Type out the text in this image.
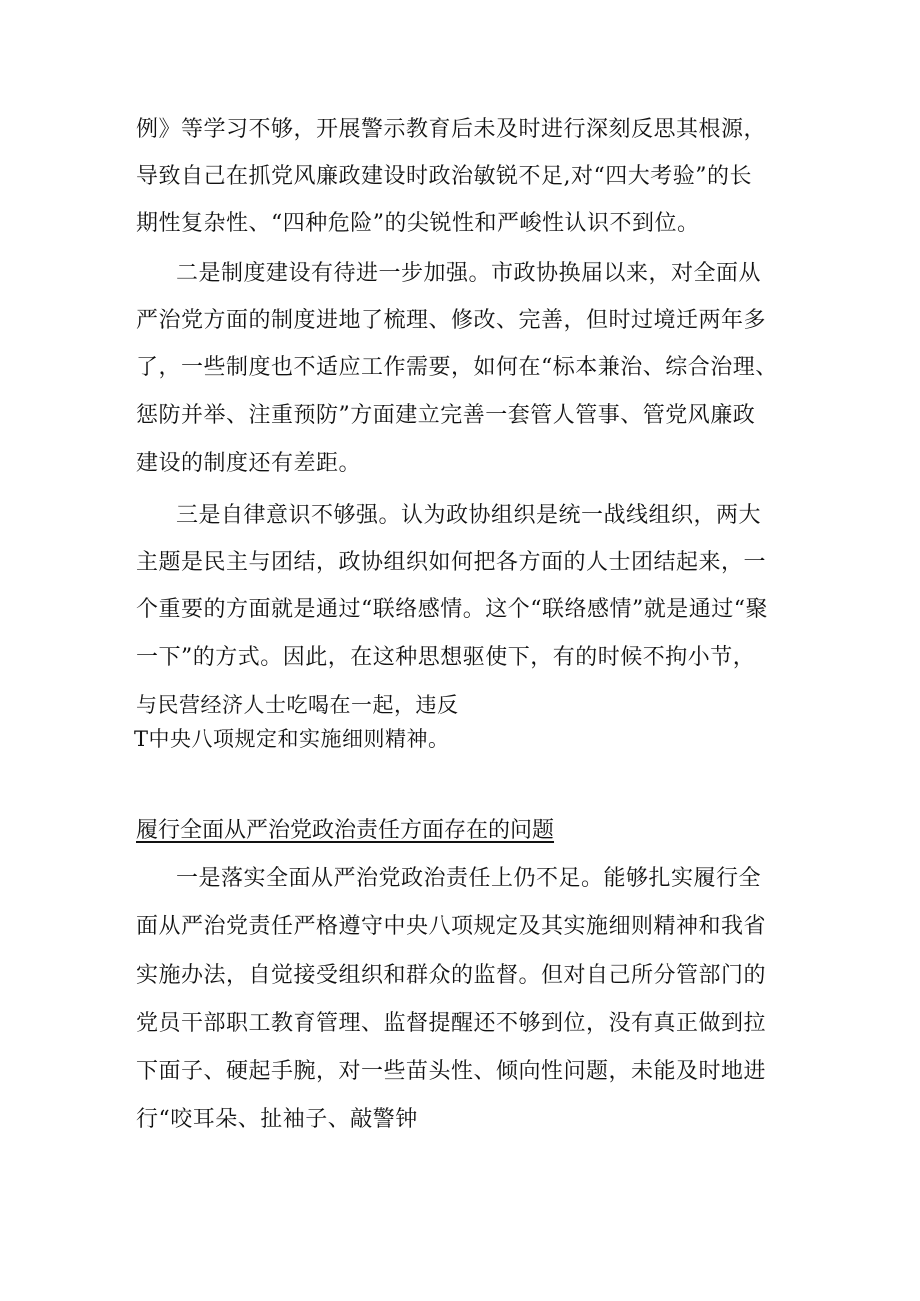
例》等学习不够，开展警示教育后未及时进行深刻反思其根源，
导致自己在抓党风廉政建设时政治敏锐不足,对“四大考验”的长
期性复杂性、“四种危险”的尖锐性和严峻性认识不到位。
二是制度建设有待进一步加强。市政协换届以来，对全面从
严治党方面的制度进地了梳理、修改、完善，但时过境迁两年多
了，一些制度也不适应工作需要，如何在“标本兼治、综合治理、
惩防并举、注重预防”方面建立完善一套管人管事、管党风廉政
建设的制度还有差距。
三是自律意识不够强。认为政协组织是统一战线组织，两大
主题是民主与团结，政协组织如何把各方面的人士团结起来，一
个重要的方面就是通过“联络感情。这个“联络感情”就是通过“聚
一下”的方式。因此，在这种思想驱使下，有的时候不拘小节，
与民营经济人士吃喝在一起，违反
T中央八项规定和实施细则精神。
履行全面从严治党政治责任方面存在的问题
一是落实全面从严治党政治责任上仍不足。能够扎实履行全
面从严治党责任严格遵守中央八项规定及其实施细则精神和我省
实施办法，自觉接受组织和群众的监督。但对自己所分管部门的
党员干部职工教育管理、监督提醒还不够到位，没有真正做到拉
下面子、硬起手腕，对一些苗头性、倾向性问题，未能及时地进
行“咬耳朵、扯袖子、敲警钟
